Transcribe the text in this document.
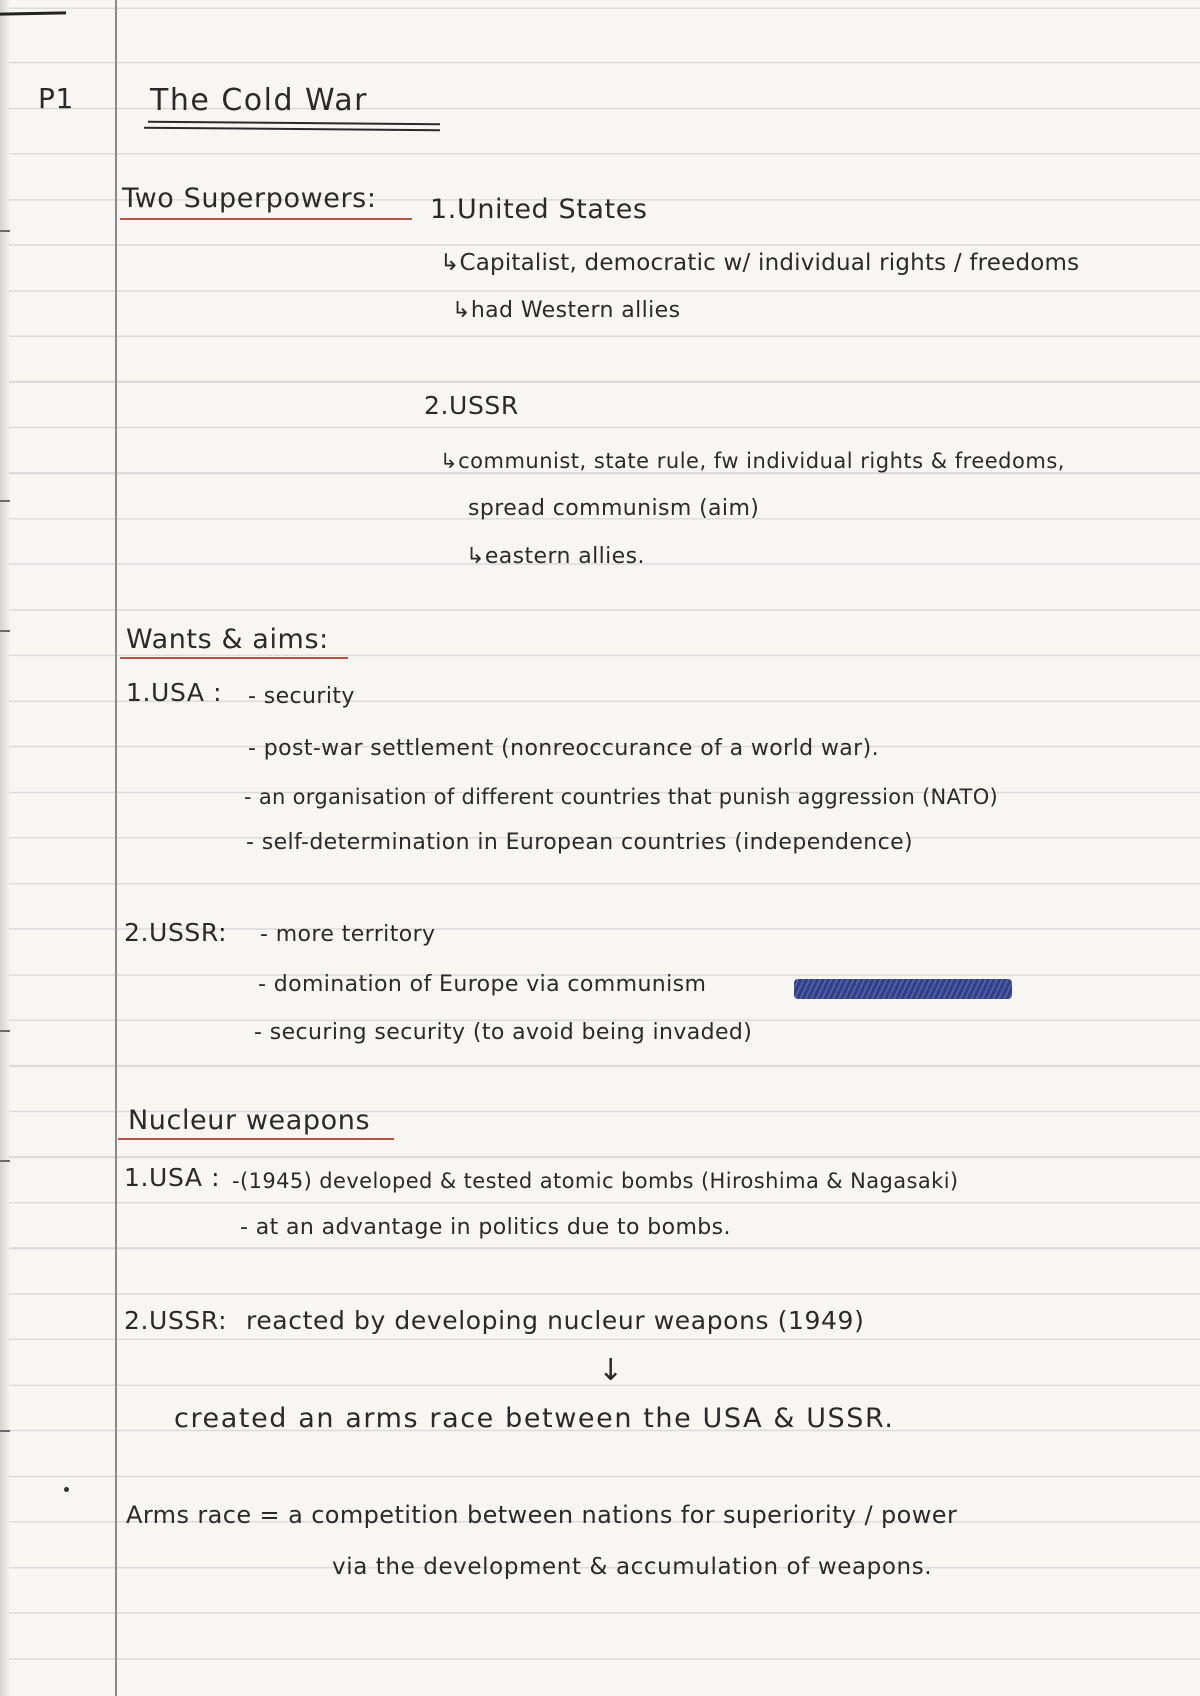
P1	The Cold War
Two Superpowers: 1.United States
↳Capitalist, democratic w/ individual rights / freedoms
↳had Western allies
2.USSR
↳communist, state rule, fw individual rights & freedoms,
spread communism (aim)
↳eastern allies.
Wants & aims:
1.USA : - security
- post-war settlement (nonreoccurance of a world war).
- an organisation of different countries that punish aggression (NATO)
- self-determination in European countries (independence)
2.USSR: - more territory
- domination of Europe via communism
- securing security (to avoid being invaded)
Nucleur weapons
1.USA : -(1945) developed & tested atomic bombs (Hiroshima & Nagasaki)
- at an advantage in politics due to bombs.
2.USSR: reacted by developing nucleur weapons (1949)
↓
created an arms race between the USA & USSR.
Arms race = a competition between nations for superiority / power
via the development & accumulation of weapons.
